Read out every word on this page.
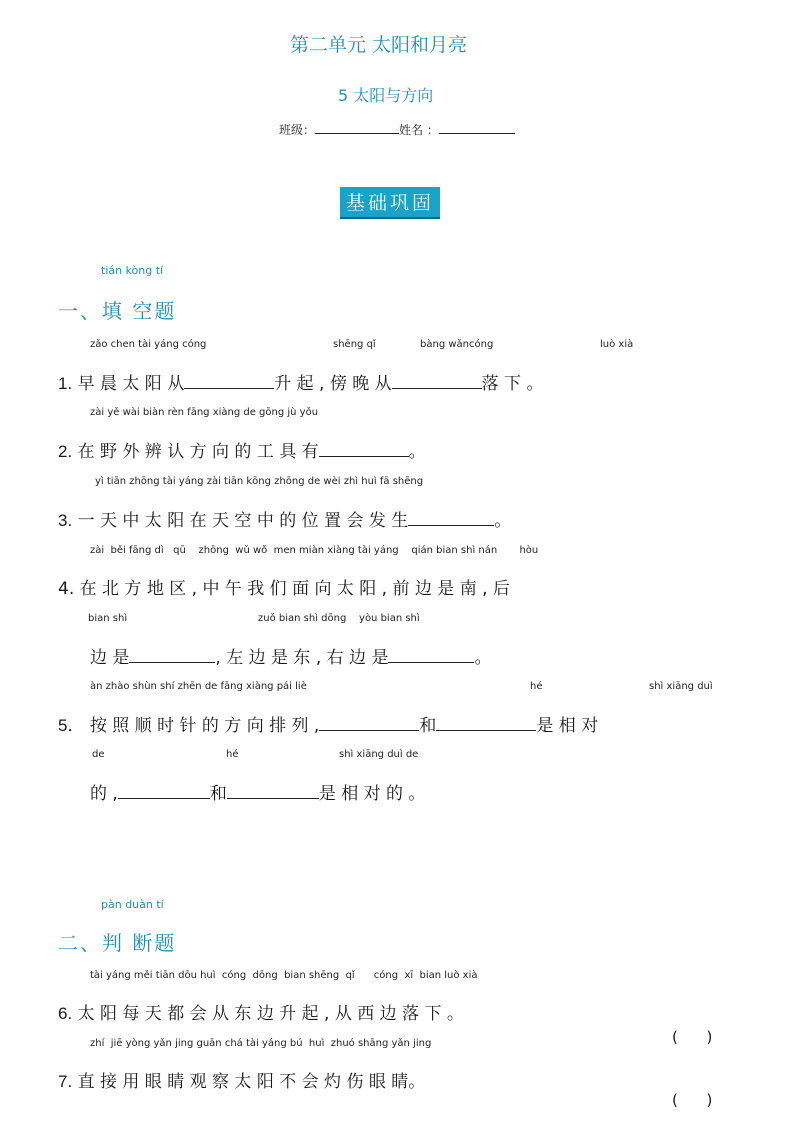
第二单元 太阳和月亮
5 太阳与方向
班级：	姓名 ：
基础巩固
tián kòng tí
一、填 空题
zǎo chen tài yáng cóng	shēng qǐ	bàng wǎncóng	luò xià
1. 早 晨 太 阳 从	升 起 , 傍 晚 从	落 下 。
zài yě wài biàn rèn fāng xiàng de gōng jù yǒu
2. 在 野 外 辨 认 方 向 的 工 具 有	。
yì tiān zhōng tài yáng zài tiān kōng zhōng de wèi zhì huì fā shēng
3. 一 天 中 太 阳 在 天 空 中 的 位 置 会 发 生	。
zài  běi fāng dì   qū    zhōng  wǔ wǒ  men miàn xiàng tài yáng    qián bian shì nán       hòu
4. 在 北 方 地 区 , 中 午 我 们 面 向 太 阳 , 前 边 是 南 , 后
bian shì	zuǒ bian shì dōng    yòu bian shì
边 是	, 左 边 是 东 , 右 边 是	。
àn zhào shùn shí zhēn de fāng xiàng pái liè	hé	shì xiāng duì
5． 按 照 顺 时 针 的 方 向 排 列 ,	和	是 相 对
de	hé	shì xiāng duì de
的 ,	和	是 相 对 的 。
pàn duàn tí
二、判 断题
tài yáng měi tiān dōu huì  cóng  dōng  bian shēng  qǐ      cóng  xī  bian luò xià
6. 太 阳 每 天 都 会 从 东 边 升 起 , 从 西 边 落 下 。
(      )
zhí  jiē yòng yǎn jing guān chá tài yáng bú  huì  zhuó shāng yǎn jing
7. 直 接 用 眼 睛 观 察 太 阳 不 会 灼 伤 眼 睛。
(      )
